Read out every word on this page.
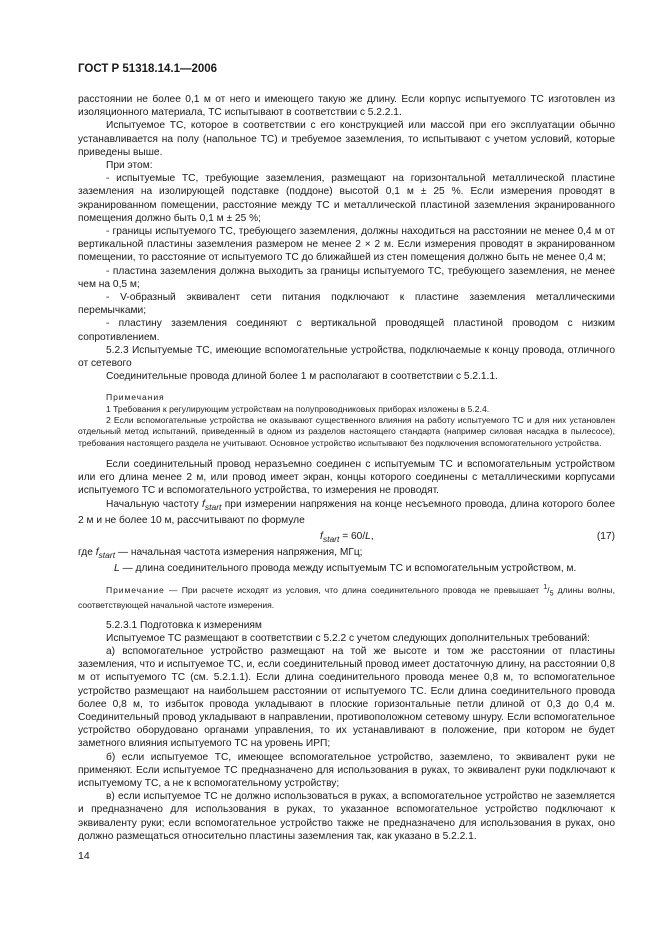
ГОСТ Р 51318.14.1—2006

расстоянии не более 0,1 м от него и имеющего такую же длину. Если корпус испытуемого ТС изготовлен из изоляционного материала, ТС испытывают в соответствии с 5.2.2.1.

Испытуемое ТС, которое в соответствии с его конструкцией или массой при его эксплуатации обычно устанавливается на полу (напольное ТС) и требуемое заземления, то испытывают с учетом условий, которые приведены выше.

При этом:

- испытуемые ТС, требующие заземления, размещают на горизонтальной металлической пластине заземления на изолирующей подставке (поддоне) высотой 0,1 м ± 25 %. Если измерения проводят в экранированном помещении, расстояние между ТС и металлической пластиной заземления экранированного помещения должно быть 0,1 м ± 25 %;

- границы испытуемого ТС, требующего заземления, должны находиться на расстоянии не менее 0,4 м от вертикальной пластины заземления размером не менее 2 × 2 м. Если измерения проводят в экранированном помещении, то расстояние от испытуемого ТС до ближайшей из стен помещения должно быть не менее 0,4 м;

- пластина заземления должна выходить за границы испытуемого ТС, требующего заземления, не менее чем на 0,5 м;

- V-образный эквивалент сети питания подключают к пластине заземления металлическими перемычками;

- пластину заземления соединяют с вертикальной проводящей пластиной проводом с низким сопротивлением.

5.2.3 Испытуемые ТС, имеющие вспомогательные устройства, подключаемые к концу провода, отличного от сетевого

Соединительные провода длиной более 1 м располагают в соответствии с 5.2.1.1.

Примечания

1 Требования к регулирующим устройствам на полупроводниковых приборах изложены в 5.2.4.

2 Если вспомогательные устройства не оказывают существенного влияния на работу испытуемого ТС и для них установлен отдельный метод испытаний, приведенный в одном из разделов настоящего стандарта (например силовая насадка в пылесосе), требования настоящего раздела не учитывают. Основное устройство испытывают без подключения вспомогательного устройства.

Если соединительный провод неразъемно соединен с испытуемым ТС и вспомогательным устройством или его длина менее 2 м, или провод имеет экран, концы которого соединены с металлическими корпусами испытуемого ТС и вспомогательного устройства, то измерения не проводят.

Начальную частоту $f_{start}$ при измерении напряжения на конце несъемного провода, длина которого более 2 м и не более 10 м, рассчитывают по формуле

$f_{start} = 60/L$,	(17)

где $f_{start}$ — начальная частота измерения напряжения, МГц;

L — длина соединительного провода между испытуемым ТС и вспомогательным устройством, м.

Примечание — При расчете исходят из условия, что длина соединительного провода не превышает $^1/_5$ длины волны, соответствующей начальной частоте измерения.

5.2.3.1 Подготовка к измерениям

Испытуемое ТС размещают в соответствии с 5.2.2 с учетом следующих дополнительных требований:

а) вспомогательное устройство размещают на той же высоте и том же расстоянии от пластины заземления, что и испытуемое ТС, и, если соединительный провод имеет достаточную длину, на расстоянии 0,8 м от испытуемого ТС (см. 5.2.1.1). Если длина соединительного провода менее 0,8 м, то вспомогательное устройство размещают на наибольшем расстоянии от испытуемого ТС. Если длина соединительного провода более 0,8 м, то избыток провода укладывают в плоские горизонтальные петли длиной от 0,3 до 0,4 м. Соединительный провод укладывают в направлении, противоположном сетевому шнуру. Если вспомогательное устройство оборудовано органами управления, то их устанавливают в положение, при котором не будет заметного влияния испытуемого ТС на уровень ИРП;

б) если испытуемое ТС, имеющее вспомогательное устройство, заземлено, то эквивалент руки не применяют. Если испытуемое ТС предназначено для использования в руках, то эквивалент руки подключают к испытуемому ТС, а не к вспомогательному устройству;

в) если испытуемое ТС не должно использоваться в руках, а вспомогательное устройство не заземляется и предназначено для использования в руках, то указанное вспомогательное устройство подключают к эквиваленту руки; если вспомогательное устройство также не предназначено для использования в руках, оно должно размещаться относительно пластины заземления так, как указано в 5.2.2.1.

14
